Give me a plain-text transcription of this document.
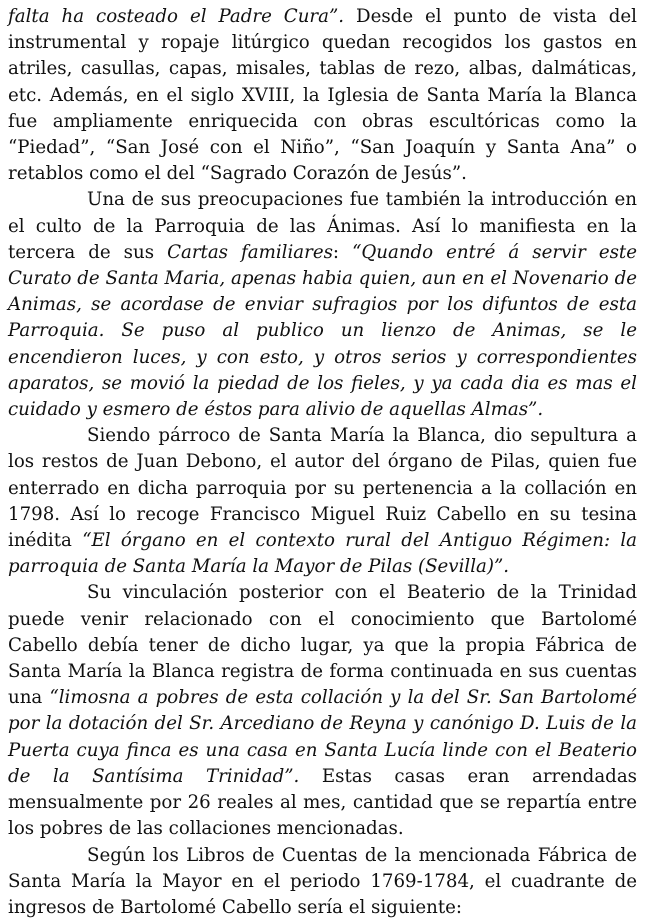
falta ha costeado el Padre Cura”. Desde el punto de vista del instrumental y ropaje litúrgico quedan recogidos los gastos en atriles, casullas, capas, misales, tablas de rezo, albas, dalmáticas, etc. Además, en el siglo XVIII, la Iglesia de Santa María la Blanca fue ampliamente enriquecida con obras escultóricas como la “Piedad”, “San José con el Niño”, “San Joaquín y Santa Ana” o retablos como el del “Sagrado Corazón de Jesús”.

Una de sus preocupaciones fue también la introducción en el culto de la Parroquia de las Ánimas. Así lo manifiesta en la tercera de sus Cartas familiares: “Quando entré á servir este Curato de Santa Maria, apenas habia quien, aun en el Novenario de Animas, se acordase de enviar sufragios por los difuntos de esta Parroquia. Se puso al publico un lienzo de Animas, se le encendieron luces, y con esto, y otros serios y correspondientes aparatos, se movió la piedad de los fieles, y ya cada dia es mas el cuidado y esmero de éstos para alivio de aquellas Almas”.

Siendo párroco de Santa María la Blanca, dio sepultura a los restos de Juan Debono, el autor del órgano de Pilas, quien fue enterrado en dicha parroquia por su pertenencia a la collación en 1798. Así lo recoge Francisco Miguel Ruiz Cabello en su tesina inédita “El órgano en el contexto rural del Antiguo Régimen: la parroquia de Santa María la Mayor de Pilas (Sevilla)”.

Su vinculación posterior con el Beaterio de la Trinidad puede venir relacionado con el conocimiento que Bartolomé Cabello debía tener de dicho lugar, ya que la propia Fábrica de Santa María la Blanca registra de forma continuada en sus cuentas una “limosna a pobres de esta collación y la del Sr. San Bartolomé por la dotación del Sr. Arcediano de Reyna y canónigo D. Luis de la Puerta cuya finca es una casa en Santa Lucía linde con el Beaterio de la Santísima Trinidad”. Estas casas eran arrendadas mensualmente por 26 reales al mes, cantidad que se repartía entre los pobres de las collaciones mencionadas.

Según los Libros de Cuentas de la mencionada Fábrica de Santa María la Mayor en el periodo 1769-1784, el cuadrante de ingresos de Bartolomé Cabello sería el siguiente:
